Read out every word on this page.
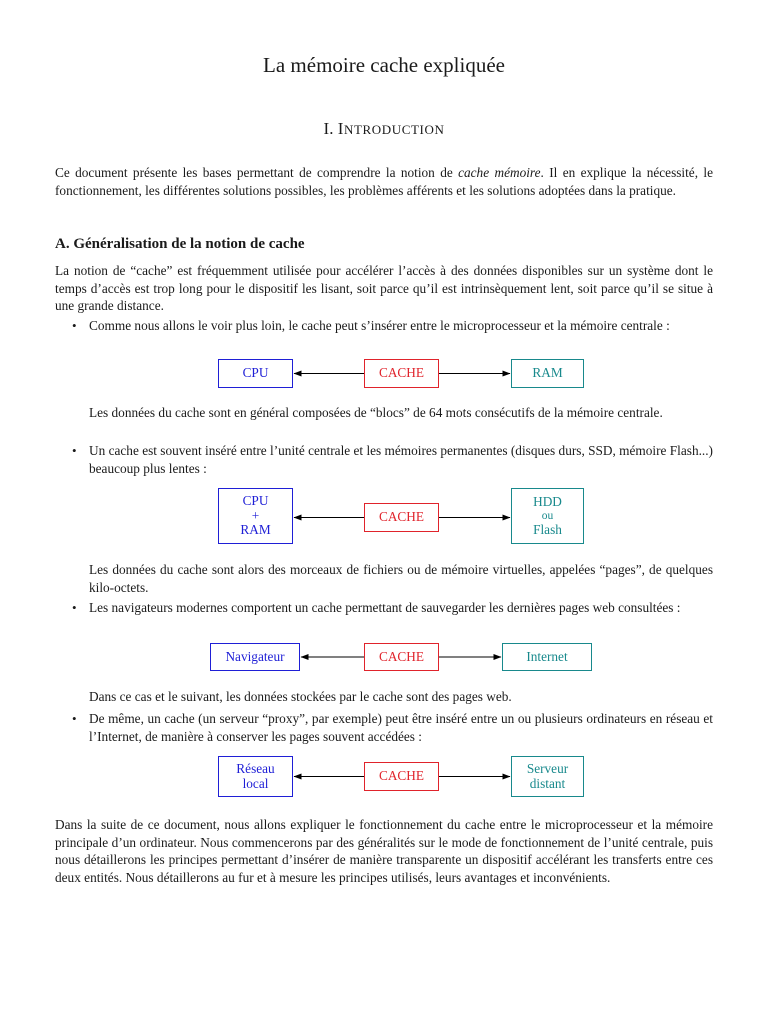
La mémoire cache expliquée
I. INTRODUCTION
Ce document présente les bases permettant de comprendre la notion de cache mémoire. Il en explique la nécessité, le fonctionnement, les différentes solutions possibles, les problèmes afférents et les solutions adoptées dans la pratique.
A. Généralisation de la notion de cache
La notion de “cache” est fréquemment utilisée pour accélérer l’accès à des données disponibles sur un système dont le temps d’accès est trop long pour le dispositif les lisant, soit parce qu’il est intrinsèquement lent, soit parce qu’il se situe à une grande distance.
• Comme nous allons le voir plus loin, le cache peut s’insérer entre le microprocesseur et la mémoire centrale :
CPU	CACHE	RAM
Les données du cache sont en général composées de “blocs” de 64 mots consécutifs de la mémoire centrale.
• Un cache est souvent inséré entre l’unité centrale et les mémoires permanentes (disques durs, SSD, mémoire Flash...) beaucoup plus lentes :
CPU
+
RAM
CACHE
HDD
ou
Flash
Les données du cache sont alors des morceaux de fichiers ou de mémoire virtuelles, appelées “pages”, de quelques kilo-octets.
• Les navigateurs modernes comportent un cache permettant de sauvegarder les dernières pages web consultées :
Navigateur	CACHE	Internet
Dans ce cas et le suivant, les données stockées par le cache sont des pages web.
• De même, un cache (un serveur “proxy”, par exemple) peut être inséré entre un ou plusieurs ordinateurs en réseau et l’Internet, de manière à conserver les pages souvent accédées :
Réseau
local	CACHE	Serveur
distant
Dans la suite de ce document, nous allons expliquer le fonctionnement du cache entre le microprocesseur et la mémoire principale d’un ordinateur. Nous commencerons par des généralités sur le mode de fonctionnement de l’unité centrale, puis nous détaillerons les principes permettant d’insérer de manière transparente un dispositif accélérant les transferts entre ces deux entités. Nous détaillerons au fur et à mesure les principes utilisés, leurs avantages et inconvénients.
